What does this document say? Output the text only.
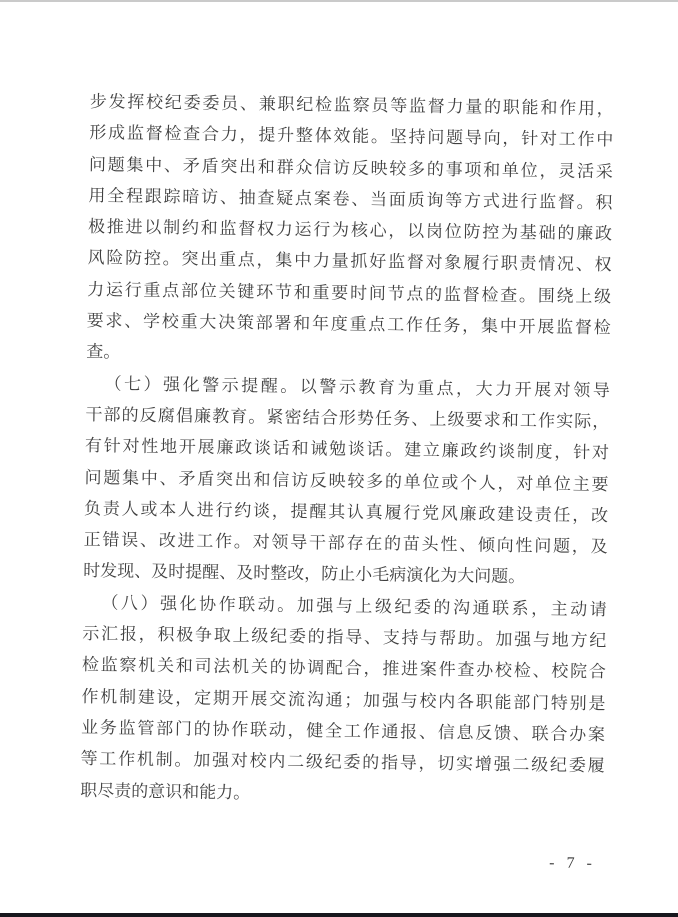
步发挥校纪委委员、兼职纪检监察员等监督力量的职能和作用，

形成监督检查合力，提升整体效能。坚持问题导向，针对工作中

问题集中、矛盾突出和群众信访反映较多的事项和单位，灵活采

用全程跟踪暗访、抽查疑点案卷、当面质询等方式进行监督。积

极推进以制约和监督权力运行为核心，以岗位防控为基础的廉政

风险防控。突出重点，集中力量抓好监督对象履行职责情况、权

力运行重点部位关键环节和重要时间节点的监督检查。围绕上级

要求、学校重大决策部署和年度重点工作任务，集中开展监督检

查。

（七）强化警示提醒。以警示教育为重点，大力开展对领导

干部的反腐倡廉教育。紧密结合形势任务、上级要求和工作实际，

有针对性地开展廉政谈话和诫勉谈话。建立廉政约谈制度，针对

问题集中、矛盾突出和信访反映较多的单位或个人，对单位主要

负责人或本人进行约谈，提醒其认真履行党风廉政建设责任，改

正错误、改进工作。对领导干部存在的苗头性、倾向性问题，及

时发现、及时提醒、及时整改，防止小毛病演化为大问题。

（八）强化协作联动。加强与上级纪委的沟通联系，主动请

示汇报，积极争取上级纪委的指导、支持与帮助。加强与地方纪

检监察机关和司法机关的协调配合，推进案件查办校检、校院合

作机制建设，定期开展交流沟通；加强与校内各职能部门特别是

业务监管部门的协作联动，健全工作通报、信息反馈、联合办案

等工作机制。加强对校内二级纪委的指导，切实增强二级纪委履

职尽责的意识和能力。

- 7 -
